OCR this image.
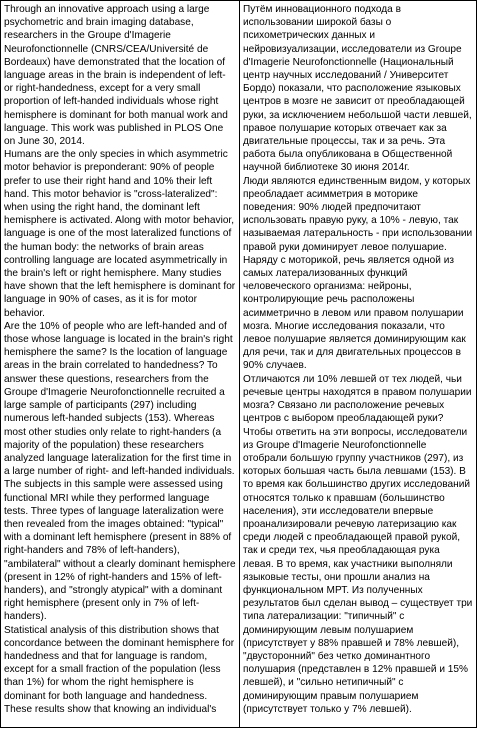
Through an innovative approach using a large psychometric and brain imaging database, researchers in the Groupe d'Imagerie Neurofonctionnelle (CNRS/CEA/Université de Bordeaux) have demonstrated that the location of language areas in the brain is independent of left- or right-handedness, except for a very small proportion of left-handed individuals whose right hemisphere is dominant for both manual work and language. This work was published in PLOS One on June 30, 2014.

Humans are the only species in which asymmetric motor behavior is preponderant: 90% of people prefer to use their right hand and 10% their left hand. This motor behavior is "cross-lateralized": when using the right hand, the dominant left hemisphere is activated. Along with motor behavior, language is one of the most lateralized functions of the human body: the networks of brain areas controlling language are located asymmetrically in the brain's left or right hemisphere. Many studies have shown that the left hemisphere is dominant for language in 90% of cases, as it is for motor behavior.

Are the 10% of people who are left-handed and of those whose language is located in the brain's right hemisphere the same? Is the location of language areas in the brain correlated to handedness? To answer these questions, researchers from the Groupe d'Imagerie Neurofonctionnelle recruited a large sample of participants (297) including numerous left-handed subjects (153). Whereas most other studies only relate to right-handers (a majority of the population) these researchers analyzed language lateralization for the first time in a large number of right- and left-handed individuals. The subjects in this sample were assessed using functional MRI while they performed language tests. Three types of language lateralization were then revealed from the images obtained: "typical" with a dominant left hemisphere (present in 88% of right-handers and 78% of left-handers), "ambilateral" without a clearly dominant hemisphere (present in 12% of right-handers and 15% of left-handers), and "strongly atypical" with a dominant right hemisphere (present only in 7% of left-handers).

Statistical analysis of this distribution shows that concordance between the dominant hemisphere for handedness and that for language is random, except for a small fraction of the population (less than 1%) for whom the right hemisphere is dominant for both language and handedness.

These results show that knowing an individual's

Путём инновационного подхода в использовании широкой базы о психометрических данных и нейровизуализации, исследователи из Groupe d'Imagerie Neurofonctionnelle (Национальный центр научных исследований / Университет Бордо) показали, что расположение языковых центров в мозге не зависит от преобладающей руки, за исключением небольшой части левшей, правое полушарие которых отвечает как за двигательные процессы, так и за речь. Эта работа была опубликована в Общественной научной библиотеке 30 июня 2014г.

Люди являются единственным видом, у которых преобладает асимметрия в моторике поведения: 90% людей предпочитают использовать правую руку, а 10% - левую, так называемая латеральность - при использовании правой руки доминирует левое полушарие. Наряду с моторикой, речь является одной из самых латерализованных функций человеческого организма: нейроны, контролирующие речь расположены асимметрично в левом или правом полушарии мозга. Многие исследования показали, что левое полушарие является доминирующим как для речи, так и для двигательных процессов в 90% случаев.

Отличаются ли 10% левшей от тех людей, чьи речевые центры находятся в правом полушарии мозга? Связано ли расположение речевых центров с выбором преобладающей руки? Чтобы ответить на эти вопросы, исследователи из Groupe d'Imagerie Neurofonctionnelle отобрали большую группу участников (297), из которых большая часть была левшами (153). В то время как большинство других исследований относятся только к правшам (большинство населения), эти исследователи впервые проанализировали речевую латеризацию как среди людей с преобладающей правой рукой, так и среди тех, чья преобладающая рука левая. В то время, как участники выполняли языковые тесты, они прошли анализ на функциональном МРТ. Из полученных результатов был сделан вывод – существует три типа латерализации: "типичный" с доминирующим левым полушарием (присутствует у 88% правшей и 78% левшей), "двусторонний" без четко доминантного полушария (представлен в 12% правшей и 15% левшей), и "сильно нетипичный" с доминирующим правым полушарием (присутствует только у 7% левшей).
